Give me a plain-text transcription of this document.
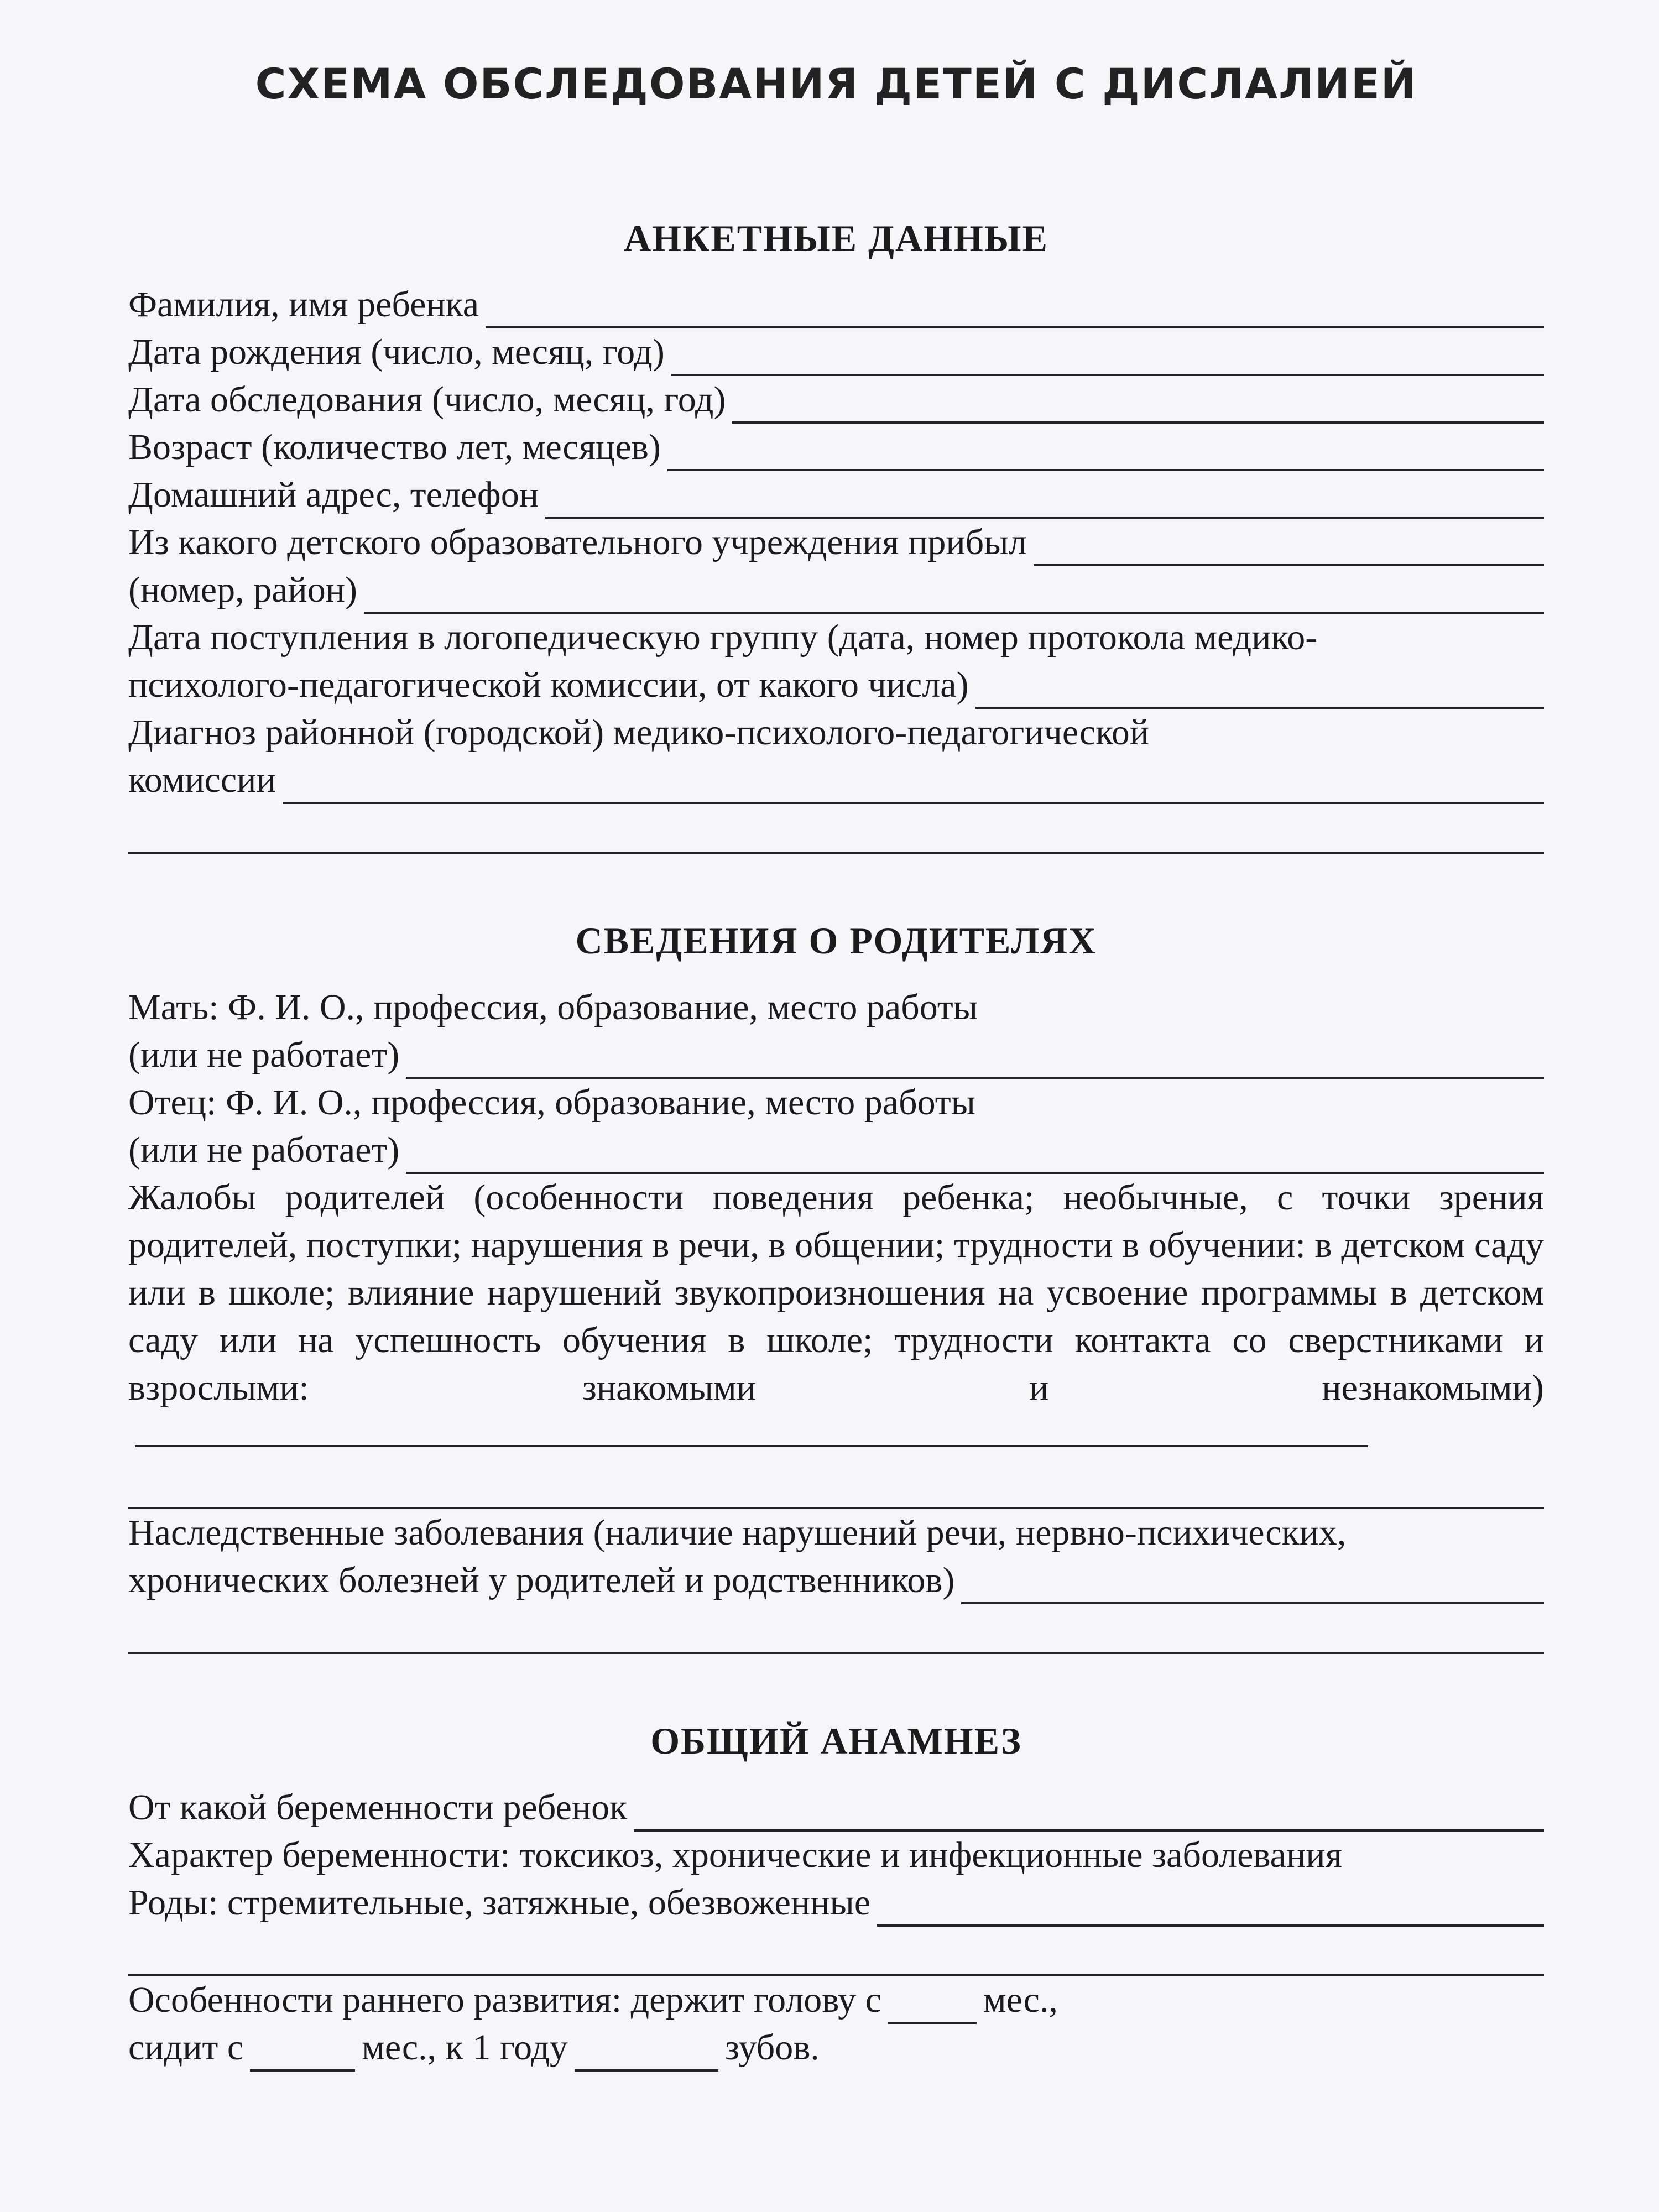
СХЕМА ОБСЛЕДОВАНИЯ ДЕТЕЙ С ДИСЛАЛИЕЙ
АНКЕТНЫЕ ДАННЫЕ
Фамилия, имя ребенка
Дата рождения (число, месяц, год)
Дата обследования (число, месяц, год)
Возраст (количество лет, месяцев)
Домашний адрес, телефон
Из какого детского образовательного учреждения прибыл
(номер, район)
Дата поступления в логопедическую группу (дата, номер протокола медико-
психолого-педагогической комиссии, от какого числа)
Диагноз районной (городской) медико-психолого-педагогической
комиссии
СВЕДЕНИЯ О РОДИТЕЛЯХ
Мать: Ф. И. О., профессия, образование, место работы
(или не работает)
Отец: Ф. И. О., профессия, образование, место работы
(или не работает)
Жалобы родителей (особенности поведения ребенка; необычные, с точки зрения родителей, поступки; нарушения в речи, в общении; трудности в обучении: в детском саду или в школе; влияние нарушений звукопроизношения на усвоение программы в детском саду или на успешность обучения в школе; трудности контакта со сверстниками и взрослыми: знакомыми и незнакомыми)
Наследственные заболевания (наличие нарушений речи, нервно-психических,
хронических болезней у родителей и родственников)
ОБЩИЙ АНАМНЕЗ
От какой беременности ребенок
Характер беременности: токсикоз, хронические и инфекционные заболевания
Роды: стремительные, затяжные, обезвоженные
Особенности раннего развития: держит голову с	мес.,
сидит с	мес., к 1 году	зубов.
